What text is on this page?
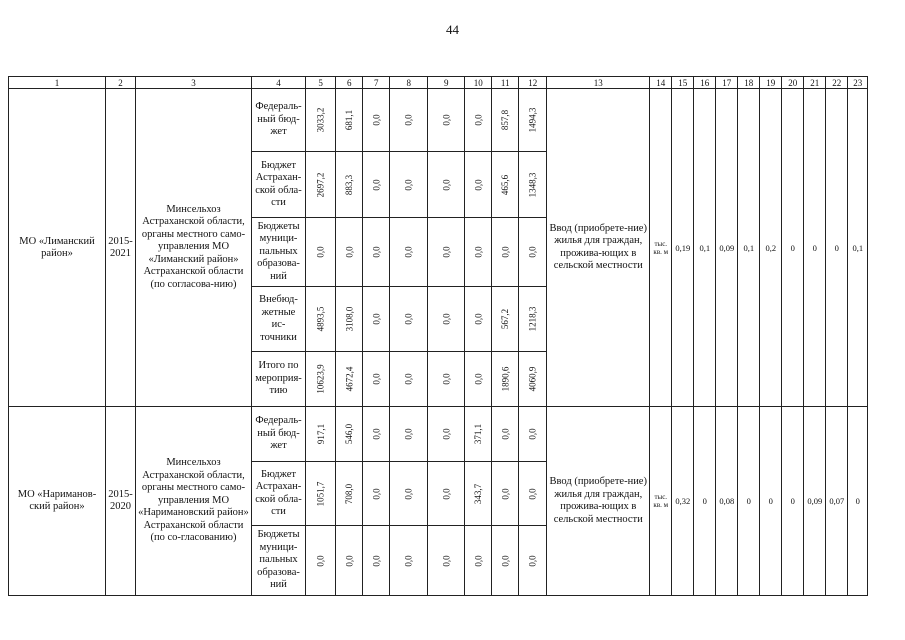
44
1	2	3	4	5	6	7	8	9	10	11	12	13	14	15	16	17	18	19	20	21	22	23
МО «Лиманский район»	2015-2021	Минсельхоз Астраханской области, органы местного само-управления МО «Лиманский район» Астраханской области (по согласова-нию)	Федераль-ный бюд-жет	3033,2	681,1	0,0	0,0	0,0	0,0	857,8	1494,3	Ввод (приобрете-ние) жилья для граждан, прожива-ющих в сельской местности	тыс. кв. м	0,19	0,1	0,09	0,1	0,2	0	0	0	0,1
			Бюджет Астрахан-ской обла-сти	2697,2	883,3	0,0	0,0	0,0	0,0	465,6	1348,3											
			Бюджеты муници-пальных образова-ний	0,0	0,0	0,0	0,0	0,0	0,0	0,0	0,0											
			Внебюд-жетные ис-точники	4893,5	3108,0	0,0	0,0	0,0	0,0	567,2	1218,3											
			Итого по мероприя-тию	10623,9	4672,4	0,0	0,0	0,0	0,0	1890,6	4060,9											
МО «Нариманов-ский район»	2015-2020	Минсельхоз Астраханской области, органы местного само-управления МО «Наримановский район» Астраханской области (по со-гласованию)	Федераль-ный бюд-жет	917,1	546,0	0,0	0,0	0,0	371,1	0,0	0,0	Ввод (приобрете-ние) жилья для граждан, прожива-ющих в сельской местности	тыс. кв. м	0,32	0	0,08	0	0	0	0,09	0,07	0
			Бюджет Астрахан-ской обла-сти	1051,7	708,0	0,0	0,0	0,0	343,7	0,0	0,0											
			Бюджеты муници-пальных образова-ний	0,0	0,0	0,0	0,0	0,0	0,0	0,0	0,0											
